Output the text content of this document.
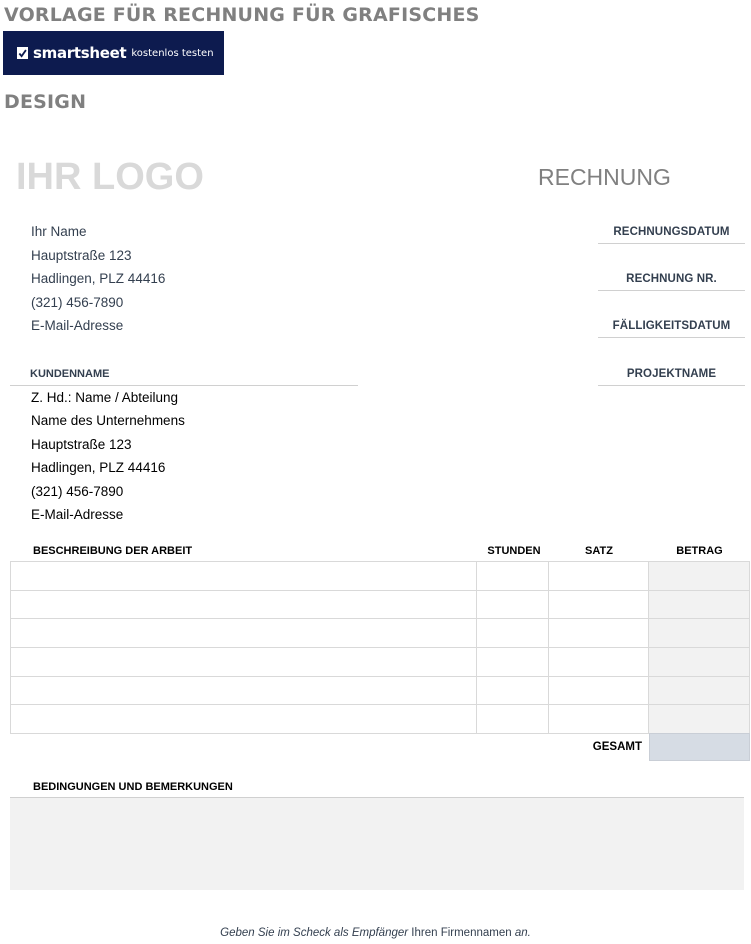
VORLAGE FÜR RECHNUNG FÜR GRAFISCHES
smartsheet kostenlos testen
DESIGN
IHR LOGO	RECHNUNG
Ihr Name
Hauptstraße 123
Hadlingen, PLZ 44416
(321) 456-7890
E-Mail-Adresse
RECHNUNGSDATUM
RECHNUNG NR.
FÄLLIGKEITSDATUM
PROJEKTNAME
KUNDENNAME
Z. Hd.: Name / Abteilung
Name des Unternehmens
Hauptstraße 123
Hadlingen, PLZ 44416
(321) 456-7890
E-Mail-Adresse
BESCHREIBUNG DER ARBEIT	STUNDEN	SATZ	BETRAG

GESAMT
BEDINGUNGEN UND BEMERKUNGEN
Geben Sie im Scheck als Empfänger Ihren Firmennamen an.
